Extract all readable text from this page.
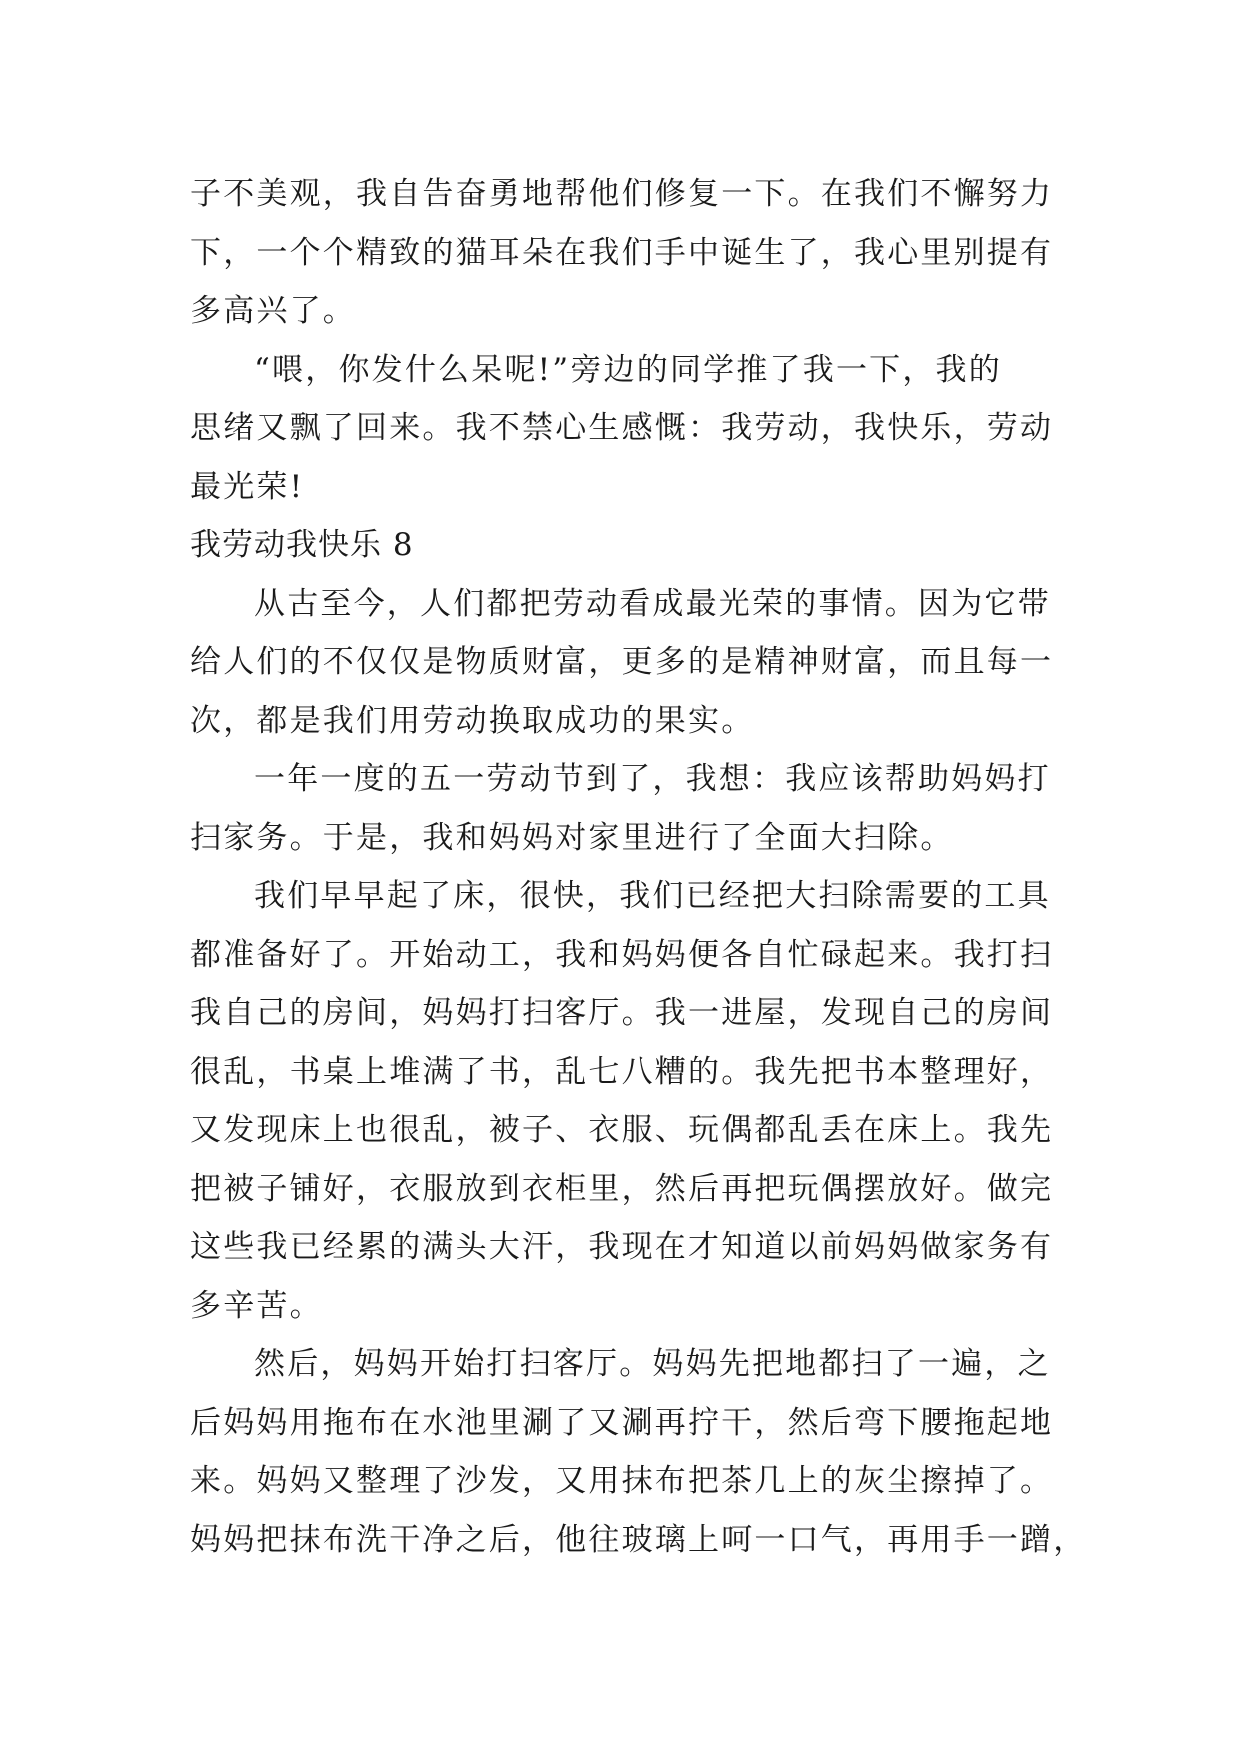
子不美观，我自告奋勇地帮他们修复一下。在我们不懈努力
下，一个个精致的猫耳朵在我们手中诞生了，我心里别提有
多高兴了。
“喂，你发什么呆呢!”旁边的同学推了我一下，我的
思绪又飘了回来。我不禁心生感慨：我劳动，我快乐，劳动
最光荣!
我劳动我快乐 8
从古至今，人们都把劳动看成最光荣的事情。因为它带
给人们的不仅仅是物质财富，更多的是精神财富，而且每一
次，都是我们用劳动换取成功的果实。
一年一度的五一劳动节到了，我想：我应该帮助妈妈打
扫家务。于是，我和妈妈对家里进行了全面大扫除。
我们早早起了床，很快，我们已经把大扫除需要的工具
都准备好了。开始动工，我和妈妈便各自忙碌起来。我打扫
我自己的房间，妈妈打扫客厅。我一进屋，发现自己的房间
很乱，书桌上堆满了书，乱七八糟的。我先把书本整理好，
又发现床上也很乱，被子、衣服、玩偶都乱丢在床上。我先
把被子铺好，衣服放到衣柜里，然后再把玩偶摆放好。做完
这些我已经累的满头大汗，我现在才知道以前妈妈做家务有
多辛苦。
然后，妈妈开始打扫客厅。妈妈先把地都扫了一遍，之
后妈妈用拖布在水池里涮了又涮再拧干，然后弯下腰拖起地
来。妈妈又整理了沙发，又用抹布把茶几上的灰尘擦掉了。
妈妈把抹布洗干净之后，他往玻璃上呵一口气，再用手一蹭，
